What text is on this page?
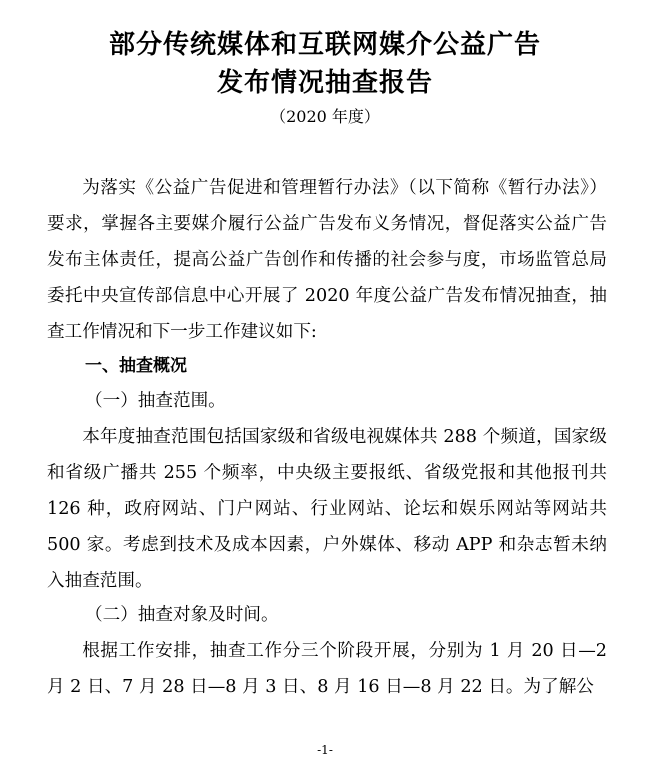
部分传统媒体和互联网媒介公益广告
发布情况抽查报告
（2020 年度）
为落实《公益广告促进和管理暂行办法》（以下简称《暂行办法》）要求，掌握各主要媒介履行公益广告发布义务情况，督促落实公益广告发布主体责任，提高公益广告创作和传播的社会参与度，市场监管总局委托中央宣传部信息中心开展了 2020 年度公益广告发布情况抽查，抽查工作情况和下一步工作建议如下:
一、抽查概况
（一）抽查范围。
本年度抽查范围包括国家级和省级电视媒体共 288 个频道，国家级和省级广播共 255 个频率，中央级主要报纸、省级党报和其他报刊共 126 种，政府网站、门户网站、行业网站、论坛和娱乐网站等网站共 500 家。考虑到技术及成本因素，户外媒体、移动 APP 和杂志暂未纳入抽查范围。
（二）抽查对象及时间。
根据工作安排，抽查工作分三个阶段开展，分别为 1 月 20 日—2 月 2 日、7 月 28 日—8 月 3 日、8 月 16 日—8 月 22 日。为了解公
-1-
